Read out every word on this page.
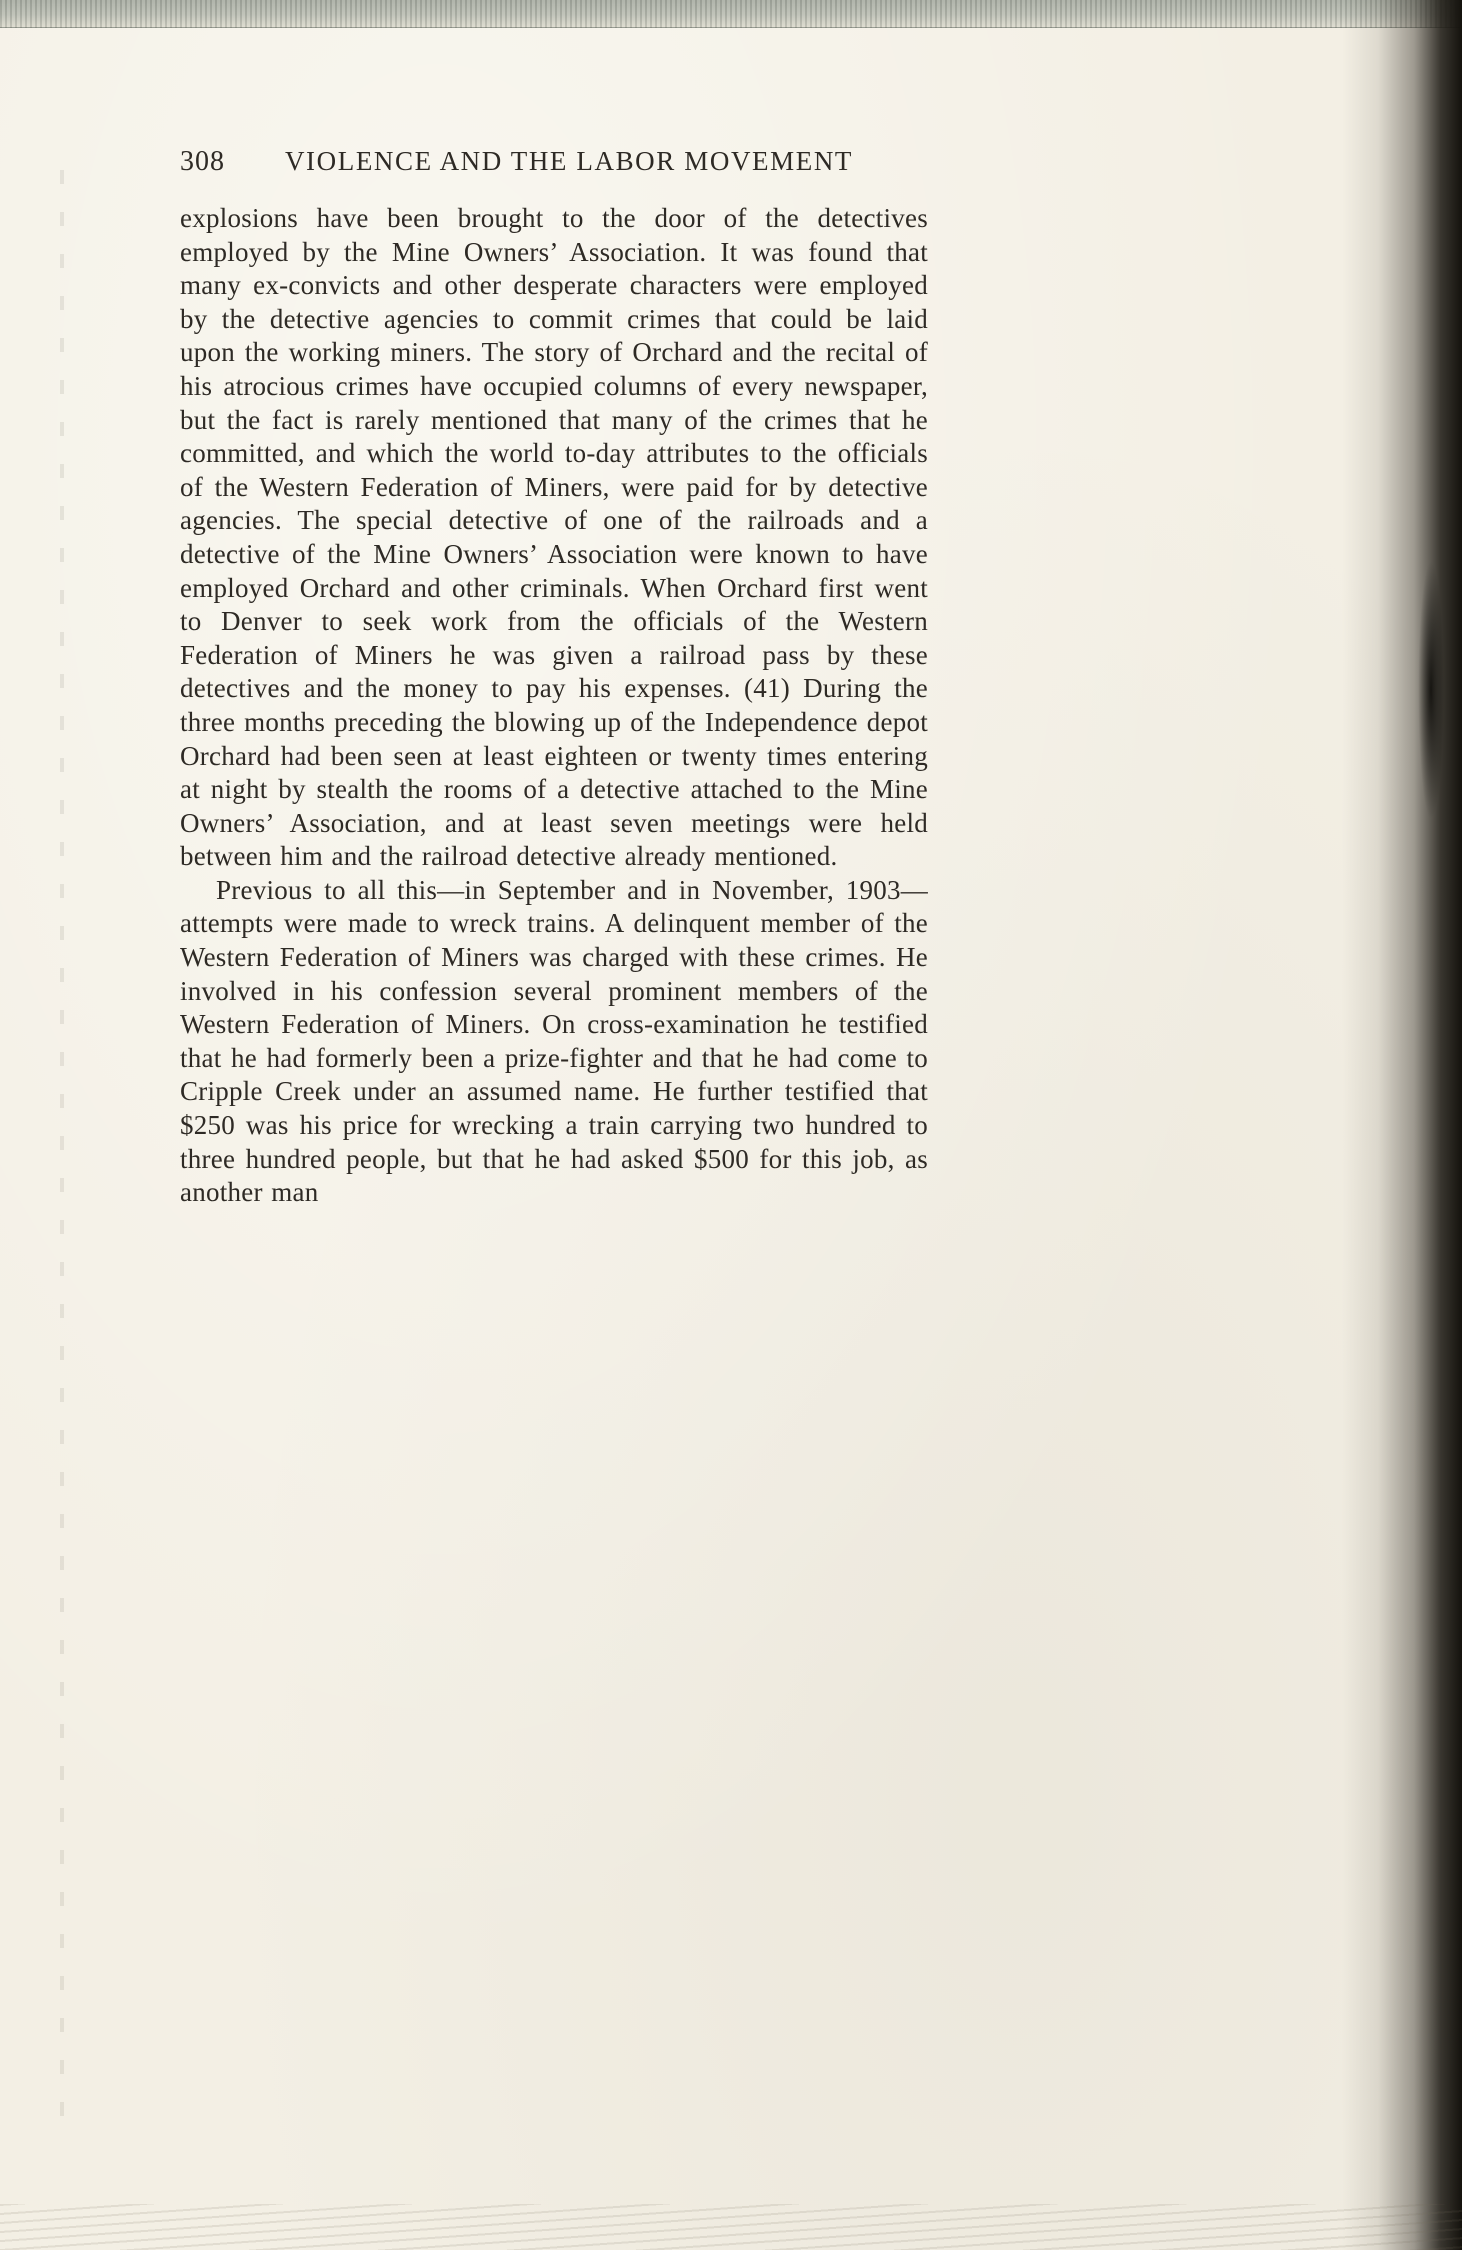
308	VIOLENCE AND THE LABOR MOVEMENT

explosions have been brought to the door of the detectives employed by the Mine Owners’ Association. It was found that many ex-convicts and other desperate characters were employed by the detective agencies to commit crimes that could be laid upon the working miners. The story of Orchard and the recital of his atrocious crimes have occupied columns of every newspaper, but the fact is rarely mentioned that many of the crimes that he committed, and which the world to-day attributes to the officials of the Western Federation of Miners, were paid for by detective agencies. The special detective of one of the railroads and a detective of the Mine Owners’ Association were known to have employed Orchard and other criminals. When Orchard first went to Denver to seek work from the officials of the Western Federation of Miners he was given a railroad pass by these detectives and the money to pay his expenses. (41) During the three months preceding the blowing up of the Independence depot Orchard had been seen at least eighteen or twenty times entering at night by stealth the rooms of a detective attached to the Mine Owners’ Association, and at least seven meetings were held between him and the railroad detective already mentioned.

Previous to all this—in September and in November, 1903—attempts were made to wreck trains. A delinquent member of the Western Federation of Miners was charged with these crimes. He involved in his confession several prominent members of the Western Federation of Miners. On cross-examination he testified that he had formerly been a prize-fighter and that he had come to Cripple Creek under an assumed name. He further testified that $250 was his price for wrecking a train carrying two hundred to three hundred people, but that he had asked $500 for this job, as another man
